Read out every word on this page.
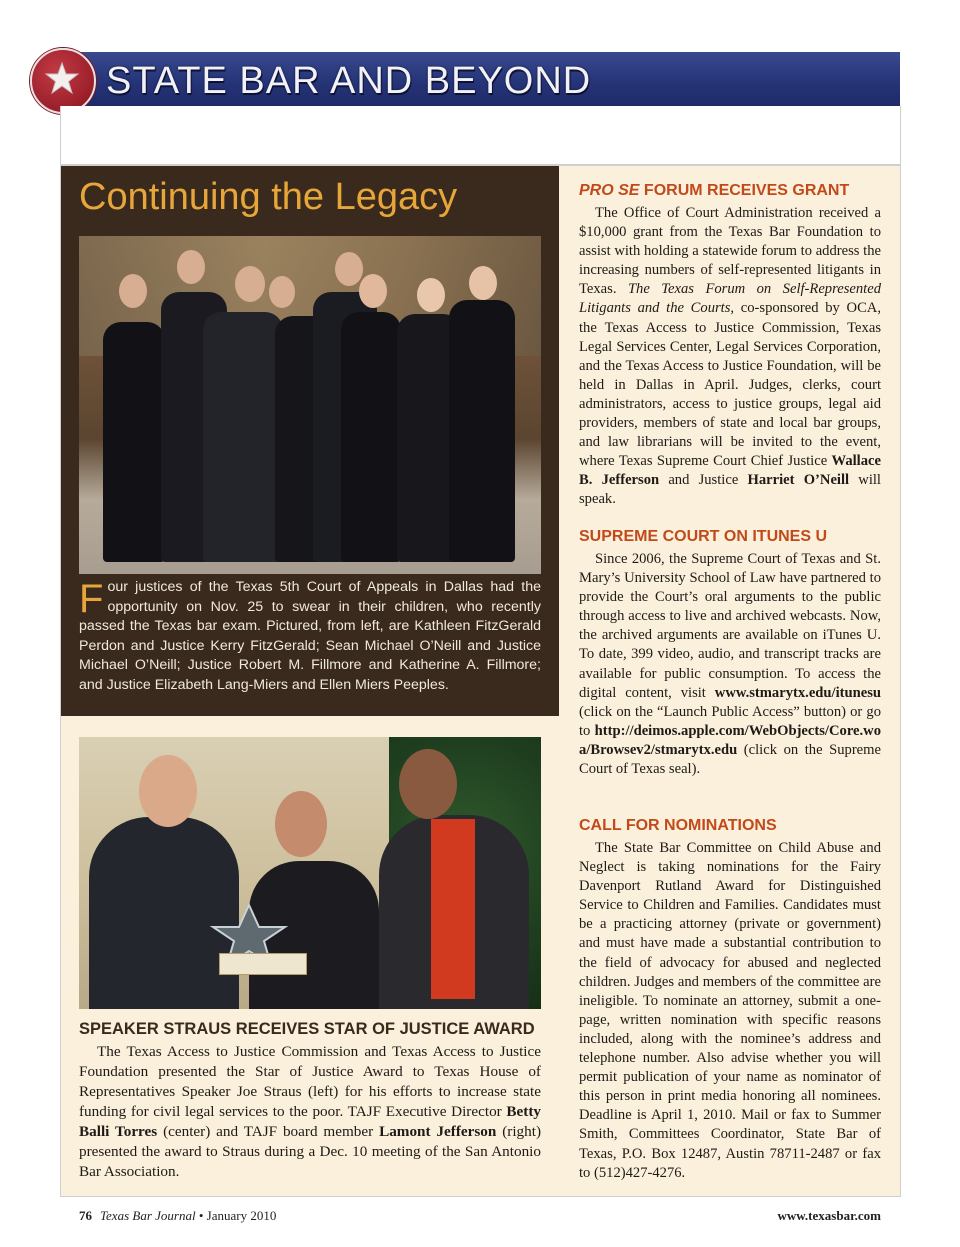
STATE BAR AND BEYOND
Continuing the Legacy
Four justices of the Texas 5th Court of Appeals in Dallas had the opportunity on Nov. 25 to swear in their children, who recently passed the Texas bar exam. Pictured, from left, are Kathleen FitzGerald Perdon and Justice Kerry FitzGerald; Sean Michael O’Neill and Justice Michael O’Neill; Justice Robert M. Fillmore and Katherine A. Fillmore; and Justice Elizabeth Lang-Miers and Ellen Miers Peeples.
SPEAKER STRAUS RECEIVES STAR OF JUSTICE AWARD
The Texas Access to Justice Commission and Texas Access to Justice Foundation presented the Star of Justice Award to Texas House of Representatives Speaker Joe Straus (left) for his efforts to increase state funding for civil legal services to the poor. TAJF Executive Director Betty Balli Torres (center) and TAJF board member Lamont Jefferson (right) presented the award to Straus during a Dec. 10 meeting of the San Antonio Bar Association.
PRO SE FORUM RECEIVES GRANT
The Office of Court Administration received a $10,000 grant from the Texas Bar Foundation to assist with holding a statewide forum to address the increasing numbers of self-represented litigants in Texas. The Texas Forum on Self-Represented Litigants and the Courts, co-sponsored by OCA, the Texas Access to Justice Commission, Texas Legal Services Center, Legal Services Corporation, and the Texas Access to Justice Foundation, will be held in Dallas in April. Judges, clerks, court administrators, access to justice groups, legal aid providers, members of state and local bar groups, and law librarians will be invited to the event, where Texas Supreme Court Chief Justice Wallace B. Jefferson and Justice Harriet O’Neill will speak.
SUPREME COURT ON ITUNES U
Since 2006, the Supreme Court of Texas and St. Mary’s University School of Law have partnered to provide the Court’s oral arguments to the public through access to live and archived webcasts. Now, the archived arguments are available on iTunes U. To date, 399 video, audio, and transcript tracks are available for public consumption. To access the digital content, visit www.stmarytx.edu/itunesu (click on the “Launch Public Access” button) or go to http://deimos.apple.com/WebObjects/Core.woa/Browsev2/stmarytx.edu (click on the Supreme Court of Texas seal).
CALL FOR NOMINATIONS
The State Bar Committee on Child Abuse and Neglect is taking nominations for the Fairy Davenport Rutland Award for Distinguished Service to Children and Families. Candidates must be a practicing attorney (private or government) and must have made a substantial contribution to the field of advocacy for abused and neglected children. Judges and members of the committee are ineligible. To nominate an attorney, submit a one-page, written nomination with specific reasons included, along with the nominee’s address and telephone number. Also advise whether you will permit publication of your name as nominator of this person in print media honoring all nominees. Deadline is April 1, 2010. Mail or fax to Summer Smith, Committees Coordinator, State Bar of Texas, P.O. Box 12487, Austin 78711-2487 or fax to (512)427-4276.
76 Texas Bar Journal • January 2010	www.texasbar.com
